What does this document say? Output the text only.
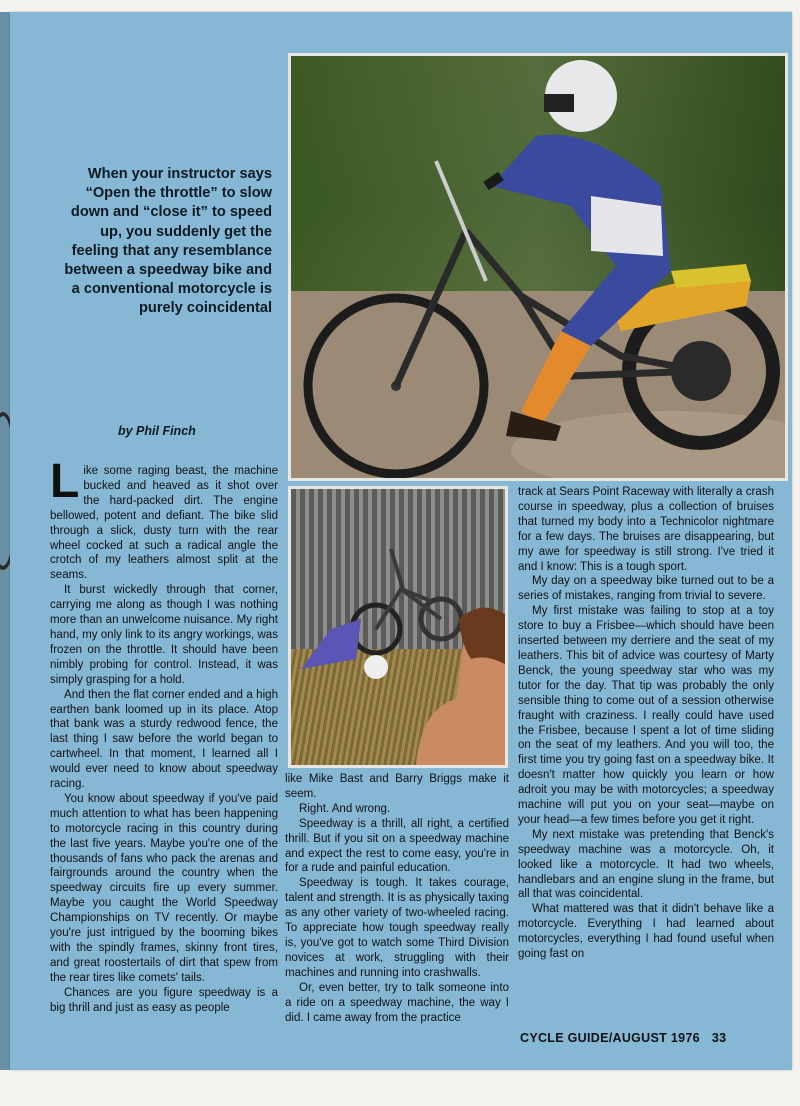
When your instructor says “Open the throttle” to slow down and “close it” to speed up, you suddenly get the feeling that any resemblance between a speedway bike and a conventional motorcycle is purely coincidental
by Phil Finch

Like some raging beast, the machine bucked and heaved as it shot over the hard-packed dirt. The engine bellowed, potent and defiant. The bike slid through a slick, dusty turn with the rear wheel cocked at such a radical angle the crotch of my leathers almost split at the seams.

It burst wickedly through that corner, carrying me along as though I was nothing more than an unwelcome nuisance. My right hand, my only link to its angry workings, was frozen on the throttle. It should have been nimbly probing for control. Instead, it was simply grasping for a hold.

And then the flat corner ended and a high earthen bank loomed up in its place. Atop that bank was a sturdy redwood fence, the last thing I saw before the world began to cartwheel. In that moment, I learned all I would ever need to know about speedway racing.

You know about speedway if you've paid much attention to what has been happening to motorcycle racing in this country during the last five years. Maybe you're one of the thousands of fans who pack the arenas and fairgrounds around the country when the speedway circuits fire up every summer. Maybe you caught the World Speedway Championships on TV recently. Or maybe you're just intrigued by the booming bikes with the spindly frames, skinny front tires, and great roostertails of dirt that spew from the rear tires like comets' tails.

Chances are you figure speedway is a big thrill and just as easy as people

like Mike Bast and Barry Briggs make it seem.

Right. And wrong.

Speedway is a thrill, all right, a certified thrill. But if you sit on a speedway machine and expect the rest to come easy, you're in for a rude and painful education.

Speedway is tough. It takes courage, talent and strength. It is as physically taxing as any other variety of two-wheeled racing. To appreciate how tough speedway really is, you've got to watch some Third Division novices at work, struggling with their machines and running into crashwalls.

Or, even better, try to talk someone into a ride on a speedway machine, the way I did. I came away from the practice

track at Sears Point Raceway with literally a crash course in speedway, plus a collection of bruises that turned my body into a Technicolor nightmare for a few days. The bruises are disappearing, but my awe for speedway is still strong. I've tried it and I know: This is a tough sport.

My day on a speedway bike turned out to be a series of mistakes, ranging from trivial to severe.

My first mistake was failing to stop at a toy store to buy a Frisbee—which should have been inserted between my derriere and the seat of my leathers. This bit of advice was courtesy of Marty Benck, the young speedway star who was my tutor for the day. That tip was probably the only sensible thing to come out of a session otherwise fraught with craziness. I really could have used the Frisbee, because I spent a lot of time sliding on the seat of my leathers. And you will too, the first time you try going fast on a speedway bike. It doesn't matter how quickly you learn or how adroit you may be with motorcycles; a speedway machine will put you on your seat—maybe on your head—a few times before you get it right.

My next mistake was pretending that Benck's speedway machine was a motorcycle. Oh, it looked like a motorcycle. It had two wheels, handlebars and an engine slung in the frame, but all that was coincidental.

What mattered was that it didn't behave like a motorcycle. Everything I had learned about motorcycles, everything I had found useful when going fast on

CYCLE GUIDE/AUGUST 1976 33
